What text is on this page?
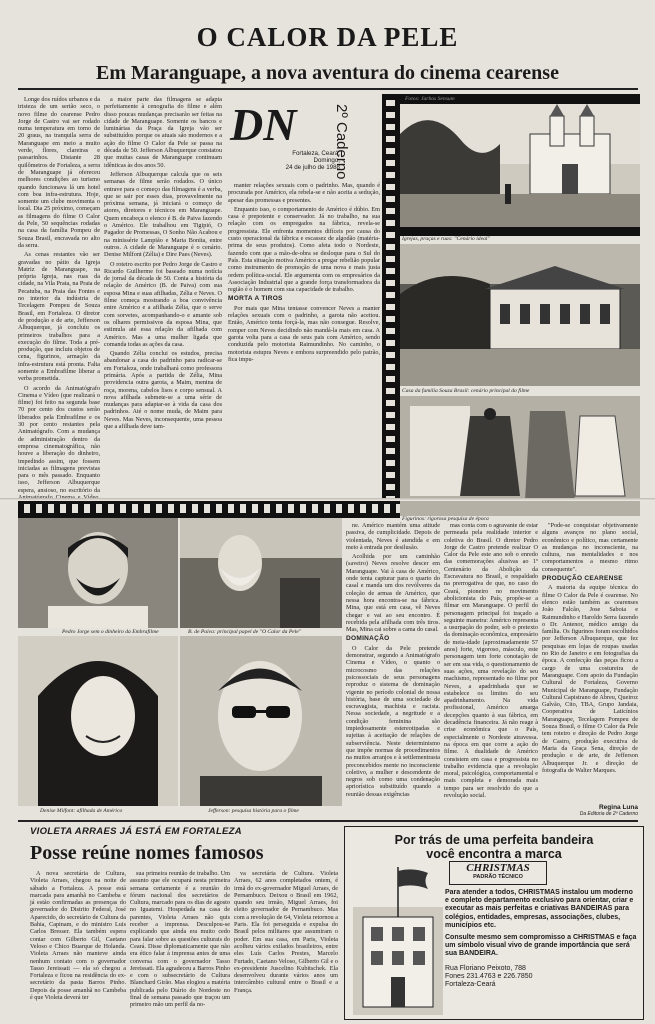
O CALOR DA PELE
Em Maranguape, a nova aventura do cinema cearense

Longe dos ruídos urbanos e da tristeza de um sertão seco, o novo filme do cearense Pedro Jorge de Castro vai ser rodado numa temperatura em torno de 20 graus, na tranquila serra de Maranguape em meio a muito verde, flores, clareiras e passarinhos. Distante 28 quilômetros de Fortaleza, a serra de Maranguape já ofereceu melhores condições ao turismo quando funcionava lá um hotel com boa infra-estrutura. Hoje, somente um clube movimenta o local. Dia 25 próximo, começam as filmagens do filme O Calor da Pele, 50 sequências rodadas na casa da família Pompeu de Souza Brasil, encravada no alto da serra.

As cenas restantes vão ser gravadas no pátio da Igreja Matriz de Maranguape, na própria Igreja, nas ruas da cidade, na Vila Prata, na Praia de Pecatuba, na Praia das Fontes e no interior da indústria de Tecelagem Pompeu de Souza Brasil, em Fortaleza. O diretor de produção e de arte, Jefferson Albuquerque, já concluiu os primeiros trabalhos para a execução do filme. Toda a pré-produção, que incluiu objetos de cena, figurinos, armação da infra-estrutura está pronta. Falta somente a Embrafilme liberar a verba prometida.

O acordo da Animatógrafo Cinema e Vídeo (que realizará o filme) foi feito na segunda base 70 por cento dos custos serão liberados pela Embrafilme e os 30 por cento restantes pela Animatógrafo. Com a mudança de administração dentro da empresa cinematográfica, não houve a liberação do dinheiro, impedindo assim, que fossem iniciadas as filmagens previstas para o mês passado. Enquanto isso, Jefferson Albuquerque espera, ansioso, no escritório da

a maior parte das filmagens se adapta perfeitamente à cenografia do filme e além disso poucas mudanças precisarão ser feitas na cidade de Maranguape. Somente os bancos e luminárias da Praça da Igreja vão ser substituídos porque os atuais são modernos e a ação do filme O Calor da Pele se passa na década de 50. Jefferson Albuquerque constatou que muitas casas de Maranguape continuam idênticas às dos anos 50.

Jefferson Albuquerque calcula que os seis semanas de filme serão rodados. O único entrave para o começo das filmagens é a verba, que se sair por esses dias, provavelmente na próxima semana, já iniciará o começo de atores, diretores e técnicos em Maranguape. Quem encabeça o elenco é B. de Paiva fazendo o Américo. Ele trabalhou em Tigipió, O Pagador de Promessas, O Sonho Não Acabou e na minissérie Lampião e Maria Bonita, entre outros. A cidade de Maranguape é o cenário. Denise Milfont (Zélia) e Dire Paes (Neves).

O roteiro escrito por Pedro Jorge de Castro e Ricardo Guilherme foi baseado numa notícia de jornal da década de 50. Conta a história da relação de Américo (B. de Paiva) com sua esposa Mina e suas afilhadas, Zélia e Neves. O filme começa mostrando a boa convivência entre Américo e a afilhada Zélia, que o serve com sorvetes, acompanhando-o e amante sob os olhares permissivos da esposa Mina, que estimula até essa relação da afilhada com Américo. Mas a uma mulher ligada que comanda todas as ações da casa.

Quando Zélia conclui os estudos, precisa abandonar a casa do padrinho para radicar-se em Fortaleza, onde trabalhará como professora primária. Após a partida de Zélia, Mina providencia outra garota, a Maim, menina de roça, morena, cabelos lisos e corpo sensual. A nova afilhada submete-se a uma série de mudanças para adaptar-se à vida da casa dos padrinhos. Até o nome muda, de Maim para Neves. Mas Neves, inconsequente, uma pessoa que a afilhada deve tam-

DN 2º Caderno
Fortaleza, Ceará,
Domingo,
24 de julho de 1988

manter relações sexuais com o padrinho. Mas, quando é procurada por Américo, ela rebela-se e não aceita a sedução, apesar das promessas e presentes.

Enquanto isso, o comportamento de Américo é dúbio. Em casa é prepotente e conservador. Já no trabalho, na sua relação com os empregados na fábrica, revela-se progressista. Ele enfrenta momentos difíceis por causa do custo operacional da fábrica e escassez de algodão (matéria-prima de seus produtos). Como afeta todo o Nordeste, fazendo com que a mão-de-obra se desloque para o Sul do País. Esta situação motiva Américo a pregar rebelião popular como instrumento de promoção de uma nova e mais justa ordem política-social. Ele argumenta com os empresários da Associação Industrial que a grande força transformadora da região é o homem com sua capacidade de trabalho.

MORTA A TIROS

Por mais que Mina tentasse convencer Neves a manter relações sexuais com o padrinho, a garota não aceitou. Então, Américo tenta forçá-la, mas não consegue. Resolve, romper com Neves decidindo não mandá-la mais em casa. A garota volta para a casa de seus pais com Américo, sendo conduzida pelo motorista Raimundinho. No caminho, o motorista estupra Neves e embora surpreendido pelo patrão, fica impu-

Fotos: Jarbas Sensum
Igrejas, praças e ruas: "Cenário ideal"
Casa da família Souza Brasil: cenário principal do filme
Figurinos: rigorosa pesquisa de época
Pedro Jorge sem o dinheiro da Embrafilme	B. de Paiva: principal papel de "O Calor da Pele"
Denise Milfont: afilhada de Américo	Jefferson: pesquisa história para o filme

ne. Américo mantém uma atitude passiva, de cumplicidade. Depois de violentada, Neves é atendida e em meio à entrada por desilusão.

Acolhida por um caminhão (saveiro) Neves resolve descer em Maranguape. Vai à casa de Américo, onde tenta capturar para o quarto do casal e manda um dos revólveres da coleção de armas de Américo, que nessa hora encontra-se na fábrica. Mina, que está em casa, vê Neves chegar e vai ao seu encontro. É recebida pela afilhada com três tiros. Mas, Mina cai sobre a cama do casal.

DOMINAÇÃO

O Calor da Pele pretende demonstrar, segundo a Animatógrafo Cinema e Vídeo, o quanto o microcosmo das relações psicossociais de seus personagens reproduz o sistema de dominação vigente no período colonial de nossa história, base de uma sociedade de escravagista, machista e racista. Nessa sociedade, a negritude e a condição feminina são impiedosamente estereotipadas e sujeitas à aceitação de relações de subserviência. Neste determinismo que impõe normas de procedimentos na muitos arranjos e à settlementrasta preconcebidos mente no inconsciente coletivo, a mulher e descendente de negros sob como uma condenação apriorística substituído quando a reunião dessas exigências

mas conta com o agravante de estar permeada pela realidade interior e coletiva do Brasil. O diretor Pedro Jorge de Castro pretende realizar O Calor da Pele este ano sob o enredo das comemorações alusivas ao 1º Centenário da Abolição da Escravatura no Brasil, e respaldado na prerrogativa de que, no caso do Ceará, pioneiro no movimento abolicionista do País, propõe-se a filmar em Maranguape. O perfil do personagem principal foi traçado a seguinte maneira: Américo representa a usurpação do poder, sob o pretexto da dominação econômica, empresário de meia-idade (aproximadamente 57 anos) forte, vigoroso, másculo, este personagem tem forte conotação de ser em sua vida, o questionamento de suas ações, uma revelação do seu machismo, representado no filme por Neves, a apadrinhada que se estabelece os limites do seu apadrinhamento. Na vida profissional, Américo amarga decepções quanto à sua fábrica, em decadência financeira. Já não reage à crise econômica que o País, especialmente o Nordeste atravessa. na época em que corre a ação do filme. A dualidade de Américo consistem em casa e progressista no trabalho evidencia que a revolução moral, psicológica, comportamental e mais completa e demorada mais tempo para ser resolvido do que a revolução social.

"Pode-se conquistar objetivamente alguns avanços no plano social, econômico e político, mas certamente as mudanças no inconsciente, na cultura, nas mentalidades e nos comportamentos a mesmo ritmo consequente".

PRODUÇÃO CEARENSE

A maioria da equipe técnica do filme O Calor da Pele é cearense. No elenco estão também as cearenses João Falcão, Jose Saboia e Raimundinho e Haroldo Serra fazendo o Dr. Antenor, médico amigo da família. Os figurinos foram escolhidos por Jefferson Albuquerque, que fez pesquisas em lojas de roupas usadas no Rio de Janeiro e em fotografias da época. A confecção das peças ficou a cargo de uma costureira de Maranguape. Com apoio da Fundação Cultural de Fortaleza, Governo Municipal de Maranguape, Fundação Cultural Capistrano de Abreu, Queiroz Galvão, Cito, TBA, Grupo Jandaia, Cooperativa de Laticínios Maranguape, Tecelagem Pompeu de Souza Brasil, o filme O Calor da Pele tem roteiro e direção de Pedro Jorge de Castro, produção executiva de Maria da Graça Sena, direção de produção e de arte, de Jefferson Albuquerque Jr. e direção de fotografia de Walter Marques.

Regina Luna
Da Editoria de 2º Caderno
VIOLETA ARRAES JÁ ESTÁ EM FORTALEZA
Posse reúne nomes famosos

A nova secretária de Cultura, Violeta Arraes, chegou na noite de sábado a Fortaleza. A posse está marcada para amanhã no Cambeba e já estão confirmadas as presenças do governador do Distrito Federal, José Aparecido, do secretário de Cultura da Bahia, Capinam, e do ministro Luis Carlos Bresser. Ela também espera contar com Gilberto Gil, Caetano Veloso e Chico Buarque de Holanda. Violeta Arraes não manteve ainda nenhum contato com o governador Tasso Jereissati — ela só chegou a Fortaleza e ficou na residência do ex-secretário da pasta Barros Pinho. Depois da posse amanhã no Cambeba é que Violeta deverá ter

sua primeira reunião de trabalho. Um assunto que ele ocupará nesta primeira semana certamente é a reunião do fórum nacional dos secretários de Cultura, marcado para os dias de agosto no Iguatemi. Hospedada na casa de parentes, Violeta Arraes não quis receber a imprensa. Desculpou-se explicando que ainda era muito cedo para falar sobre as questões culturais do Ceará. Disse diplomaticamente que não era ético falar à imprensa antes de uma conversa com o governador Tasso Jereissati. Ela agradeceu a Barros Pinho e com o subsecretário de Cultura Blanchard Girão. Mas elogiou a matéria publicada pelo Diário do Nordeste no final de semana passado que traçou um primeiro mão um perfil da no-

va secretária de Cultura. Violeta Arraes, 62 anos completados ontem, é irmã do ex-governador Miguel Arraes, de Pernambuco. Deixou o Brasil em 1962, quando seu irmão, Miguel Arraes, foi eleito governador de Pernambuco. Mas com a revolução de 64, Violeta retornou a Paris. Ela foi perseguida e expulsa do Brasil pelos militares que assumiram o poder. Em sua casa, em Paris, Violeta acolheu vários exilados brasileiros, entre eles Luís Carlos Prestes, Marcelo Furtado, Caetano Veloso, Gilberto Gil e o ex-presidente Juscelino Kubitschek. Ela desenvolveu durante vários anos um intercâmbio cultural entre o Brasil e a França.

Por trás de uma perfeita bandeira
você encontra a marca
CHRISTMAS
PADRÃO TÉCNICO
Para atender a todos, CHRISTMAS instalou um moderno e completo departamento exclusivo para orientar, criar e executar as mais perfeitas e criativas BANDEIRAS para colégios, entidades, empresas, associações, clubes, municípios etc.
Consulte mesmo sem compromisso a CHRISTMAS e faça um símbolo visual vivo de grande importância que será sua BANDEIRA.
Rua Floriano Peixoto, 788
Fones 231.4763 e 226.7850
Fortaleza-Ceará
